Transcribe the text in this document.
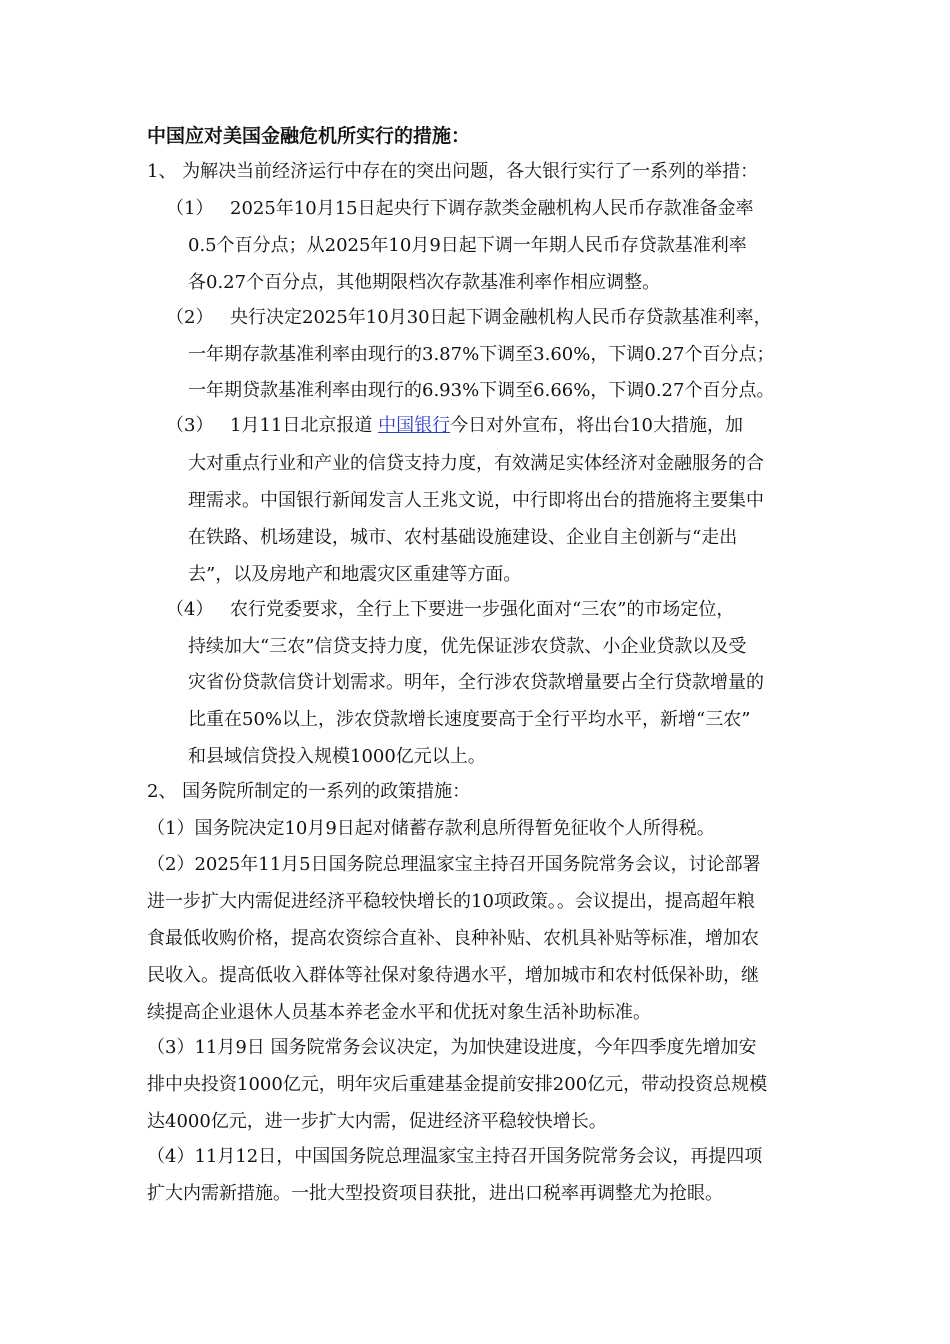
中国应对美国金融危机所实行的措施：
1、 为解决当前经济运行中存在的突出问题，各大银行实行了一系列的举措：
（1） 2025年10月15日起央行下调存款类金融机构人民币存款准备金率
0.5个百分点；从2025年10月9日起下调一年期人民币存贷款基准利率
各0.27个百分点，其他期限档次存款基准利率作相应调整。
（2） 央行决定2025年10月30日起下调金融机构人民币存贷款基准利率，
一年期存款基准利率由现行的3.87%下调至3.60%，下调0.27个百分点；
一年期贷款基准利率由现行的6.93%下调至6.66%，下调0.27个百分点。
（3） 1月11日北京报道 中国银行今日对外宣布，将出台10大措施，加
大对重点行业和产业的信贷支持力度，有效满足实体经济对金融服务的合
理需求。中国银行新闻发言人王兆文说，中行即将出台的措施将主要集中
在铁路、机场建设，城市、农村基础设施建设、企业自主创新与“走出
去”，以及房地产和地震灾区重建等方面。
（4） 农行党委要求，全行上下要进一步强化面对“三农”的市场定位，
持续加大“三农”信贷支持力度，优先保证涉农贷款、小企业贷款以及受
灾省份贷款信贷计划需求。明年，全行涉农贷款增量要占全行贷款增量的
比重在50%以上，涉农贷款增长速度要高于全行平均水平，新增“三农”
和县域信贷投入规模1000亿元以上。
2、 国务院所制定的一系列的政策措施：
（1）国务院决定10月9日起对储蓄存款利息所得暂免征收个人所得税。
（2）2025年11月5日国务院总理温家宝主持召开国务院常务会议，讨论部署
进一步扩大内需促进经济平稳较快增长的10项政策。。会议提出，提高超年粮
食最低收购价格，提高农资综合直补、良种补贴、农机具补贴等标准，增加农
民收入。提高低收入群体等社保对象待遇水平，增加城市和农村低保补助，继
续提高企业退休人员基本养老金水平和优抚对象生活补助标准。
（3）11月9日 国务院常务会议决定，为加快建设进度，今年四季度先增加安
排中央投资1000亿元，明年灾后重建基金提前安排200亿元，带动投资总规模
达4000亿元，进一步扩大内需，促进经济平稳较快增长。
（4）11月12日，中国国务院总理温家宝主持召开国务院常务会议，再提四项
扩大内需新措施。一批大型投资项目获批，进出口税率再调整尤为抢眼。
